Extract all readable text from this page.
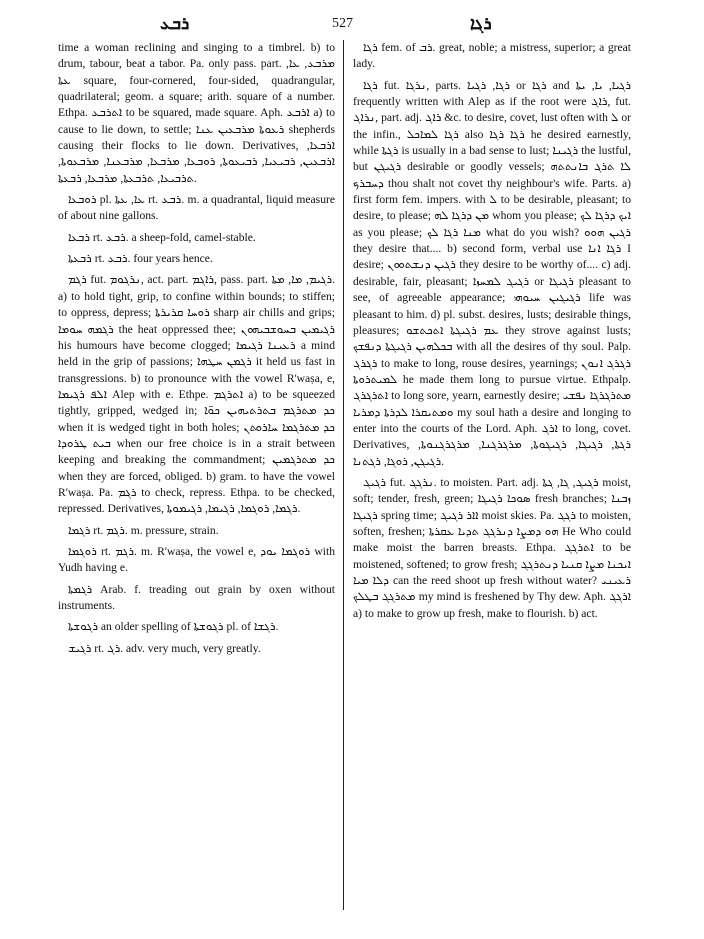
ܪܒܥ	527	ܪܓܐ

time a woman reclining and singing to a timbrel. b) to drum, tabour, beat a tabor. Pa. only pass. part. ܡܪܒܥ, ܥܐ, ܥܬܐ square, four-cornered, four-sided, quadrangular, quadrilateral; geom. a square; arith. square of a number. Ethpa. ܐܬܪܒܥ to be squared, made square. Aph. ܐܪܒܥ a) to cause to lie down, to settle; ܪܥܘܬܐ ܡܪܒܥܝܢ ܥܢܐ shepherds causing their flocks to lie down. Derivatives, ܐܪܒܥܐ, ܐܪܒܥܝܢ, ܪܒܝܥܝܐ, ܪܒܝܥܘܬܐ, ܪܘܒܥܐ, ܡܪܒܥܐ, ܡܪܒܥܢܐ, ܡܪܒܥܘܬܐ, ܬܪܒܝܥܐ, ܬܪܒܥܬܐ, ܡܪܒܥܐ, ܪܒܥܬܐ.

ܪܘܒܥܐ pl. ܥܐ, ܥܬܐ rt. ܪܒܥ. m. a quadrantal, liquid measure of about nine gallons.

ܪܒܥܐ rt. ܪܒܥ. a sheep-fold, camel-stable.

ܪܒܥܬܐ rt. ܪܒܥ. four years hence.

ܪܓܡ fut. ܢܪܓܘܡ, act. part. ܪܐܓܡ, pass. part. ܪܓܝܡ, ܡܐ, ܡܬܐ. a) to hold tight, grip, to confine within bounds; to stiffen; to oppress, depress; ܪܘܚܐ ܩܪܝܪܬܐ sharp air chills and grips; ܪܓܡܗ ܚܘܡܐ the heat oppressed thee; ܪܓܝܡܝܢ ܒܚܘܫܒܝܗܘܢ his humours have become clogged; ܪܥܝܢܐ ܪܓܝܡܐ a mind held in the grip of passions; ܪܓܡܢ ܚܛܗܐ it held us fast in transgressions. b) to pronounce with the vowel R'waṣa, e, ܐܠܦ ܪܓܝܡܐ Alep with e. Ethpe. ܐܬܪܓܡ a) to be squeezed tightly, gripped, wedged in; ܟܕ ܡܬܪܓܡ ܒܬܪܬܝܗܝܢ ܟܘ̈ܐ when it is wedged tight in both holes; ܟܕ ܡܬܪܓܡܐ ܚܐܪܘܬܢ ܒܝܬ ܛܪܘܕܐ when our free choice is in a strait between keeping and breaking the commandment; ܟܕ ܡܬܪܓܡܝܢ when they are forced, obliged. b) gram. to have the vowel R'waṣa. Pa. ܪܓܡ to check, repress. Ethpa. to be checked, repressed. Derivatives, ܪܓܡܐ, ܪܘܓܡܐ, ܪܓܝܡܐ, ܪܓܝܡܘܬܐ.

ܪܓܡܐ rt. ܪܓܡ. m. pressure, strain.

ܪܘܓܡܐ rt. ܪܓܡ. m. R'waṣa, the vowel e, ܪܘܓܡܐ ܝܘܕ with Yudh having e.

ܪܓܡܬܐ Arab. f. treading out grain by oxen without instruments.

ܪܓܘܫܬܐ an older spelling of ܪܓܘܫܬܐ pl. of ܪܓܫܐ.

ܪܓܝܫ rt. ܪܓ. adv. very much, very greatly.

ܪܓܐ fem. of ܪܒ. great, noble; a mistress, superior; a great lady.

ܪܓܐ fut. ܢܪܓܐ, parts. ܪܓܐ, ܪܓܝܐ or ܪܓܐ and ܪܓܝܐ, ܝܐ, ܝܬܐ frequently written with Alep as if the root were ܪܐܓ, fut. ܢܪܐܓ, part. adj. ܪܐܓ &c. to desire, covet, lust often with ܠ or the infin., ܪܓܐ ܠܡܐܟܠ also ܪܓܐ ܪܓܐ he desired earnestly, while ܪܓܬܐ is usually in a bad sense to lust; ܪܓܝܢܐ the lustful, but ܪܓܝܓܢ desirable or goodly vessels; ܠܐ ܬܪܓ ܒܐܢܬܬܗ ܕܚܒܪܟ thou shalt not covet thy neighbour's wife. Parts. a) first form fem. impers. with ܠ to be desirable, pleasant; to desire, to please; ܡܢ ܕܪܓܐ ܠܗ whom you please; ܐܝܟ ܕܪܓܐ ܠܟ as you please; ܡܢܐ ܪܓܐ ܠܟ what do you wish? ܪܓܝܢ ܗܘܘ they desire that.... b) second form, verbal use ܪܓܐ ܐܢܐ I desire; ܪܓܝܢ ܕܢܫܬܘܘܢ they desire to be worthy of.... c) adj. desirable, fair, pleasant; ܪܓܝܓ ܠܡܚܙܐ or ܪܓܝܓܐ pleasant to see, of agreeable appearance; ܪܓܝܓܝܢ ܚܝܘܗܝ life was pleasant to him. d) pl. subst. desires, lusts; desirable things, pleasures; ܥܡ ܪܓܝܓܬܐ ܐܬܟܬܫܘ they strove against lusts; ܒܟܠܗܝܢ ܪܓܝܓܬܐ ܕܢܦܫܟ with all the desires of thy soul. Palp. ܪܓܪܓ to make to long, rouse desires, yearnings; ܪܓܪܓ ܐܢܘܢ ܠܡܝܬܪܘܬܐ he made them long to pursue virtue. Ethpalp. ܐܬܪܓܪܓ to long sore, yearn, earnestly desire; ܡܬܪܓܪܓܐ ܢܦܫܝ ܘܡܬܝܩܪܐ ܠܕܪܬܐ ܕܡܪܝܐ my soul hath a desire and longing to enter into the courts of the Lord. Aph. ܐܪܓ to long, covet. Derivatives, ܪܓܬܐ, ܪܓܝܓܐ, ܪܓܝܓܘܬܐ, ܡܪܓܪܓܢܐ, ܡܪܓܪܓܢܘܬܐ, ܪܓܝܓܢ, ܪܘܓܐ, ܪܓܬܢܐ.

ܪܓܝܓ fut. ܢܪܓܓ. to moisten. Part. adj. ܪܓܝܓ, ܓܐ, ܓܬܐ moist, soft; tender, fresh, green; ܣܘܟܐ ܪܓܝܓܐ fresh branches; ܙܒܢܐ ܪܓܝܓܐ spring time; ܐܐܪ ܪܓܝܓ moist skies. Pa. ܪܓܓ to moisten, soften, freshen; ܗܘ ܕܡܨܐ ܕܢܪܓܓ ܬܕܝܐ ܥܩܪܬܐ He Who could make moist the barren breasts. Ethpa. ܐܬܪܓܓ to be moistened, softened; to grow fresh; ܐܝܟܢܐ ܡܨܐ ܩܢܝܐ ܕܢܬܪܓܓ ܕܠܐ ܡܝܐ can the reed shoot up fresh without water? ܪܥܝܢܝ ܡܬܪܓܓ ܒܛܠܟ my mind is freshened by Thy dew. Aph. ܐܪܓܓ a) to make to grow up fresh, make to flourish. b) act.
